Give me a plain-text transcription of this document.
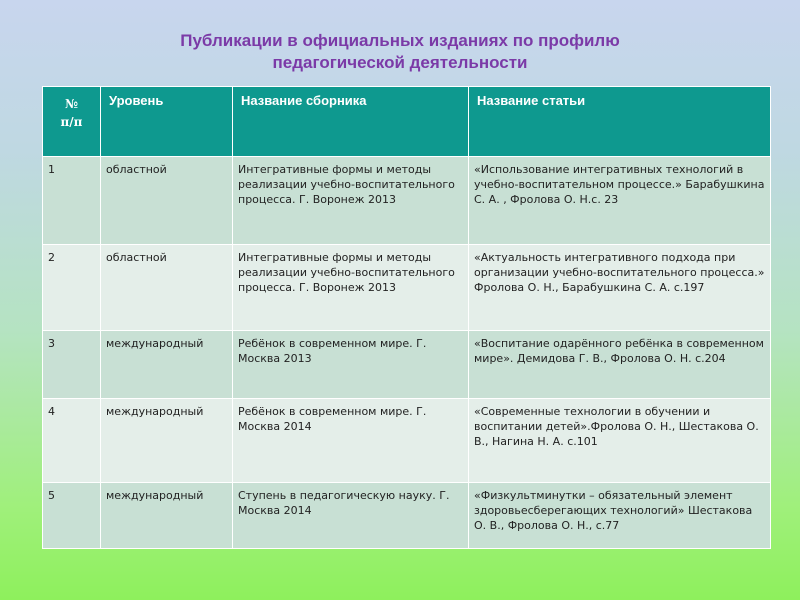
Публикации в официальных изданиях по профилю
педагогической деятельности
№
п/п	Уровень	Название сборника	Название статьи
1	областной	Интегративные формы и методы реализации учебно-воспитательного процесса. Г. Воронеж 2013	«Использование интегративных технологий в учебно-воспитательном процессе.» Барабушкина С. А. , Фролова О. Н.с. 23
2	областной	Интегративные формы и методы реализации учебно-воспитательного процесса. Г. Воронеж 2013	«Актуальность интегративного подхода при организации учебно-воспитательного процесса.» Фролова О. Н., Барабушкина С. А. с.197
3	международный	Ребёнок в современном мире. Г. Москва 2013	«Воспитание одарённого ребёнка в современном мире». Демидова Г. В., Фролова О. Н. с.204
4	международный	Ребёнок в современном мире. Г. Москва 2014	«Современные технологии в обучении и воспитании детей».Фролова О. Н., Шестакова О. В., Нагина Н. А. с.101
5	международный	Ступень в педагогическую науку. Г. Москва 2014	«Физкультминутки – обязательный элемент здоровьесберегающих технологий» Шестакова О. В., Фролова О. Н., с.77
